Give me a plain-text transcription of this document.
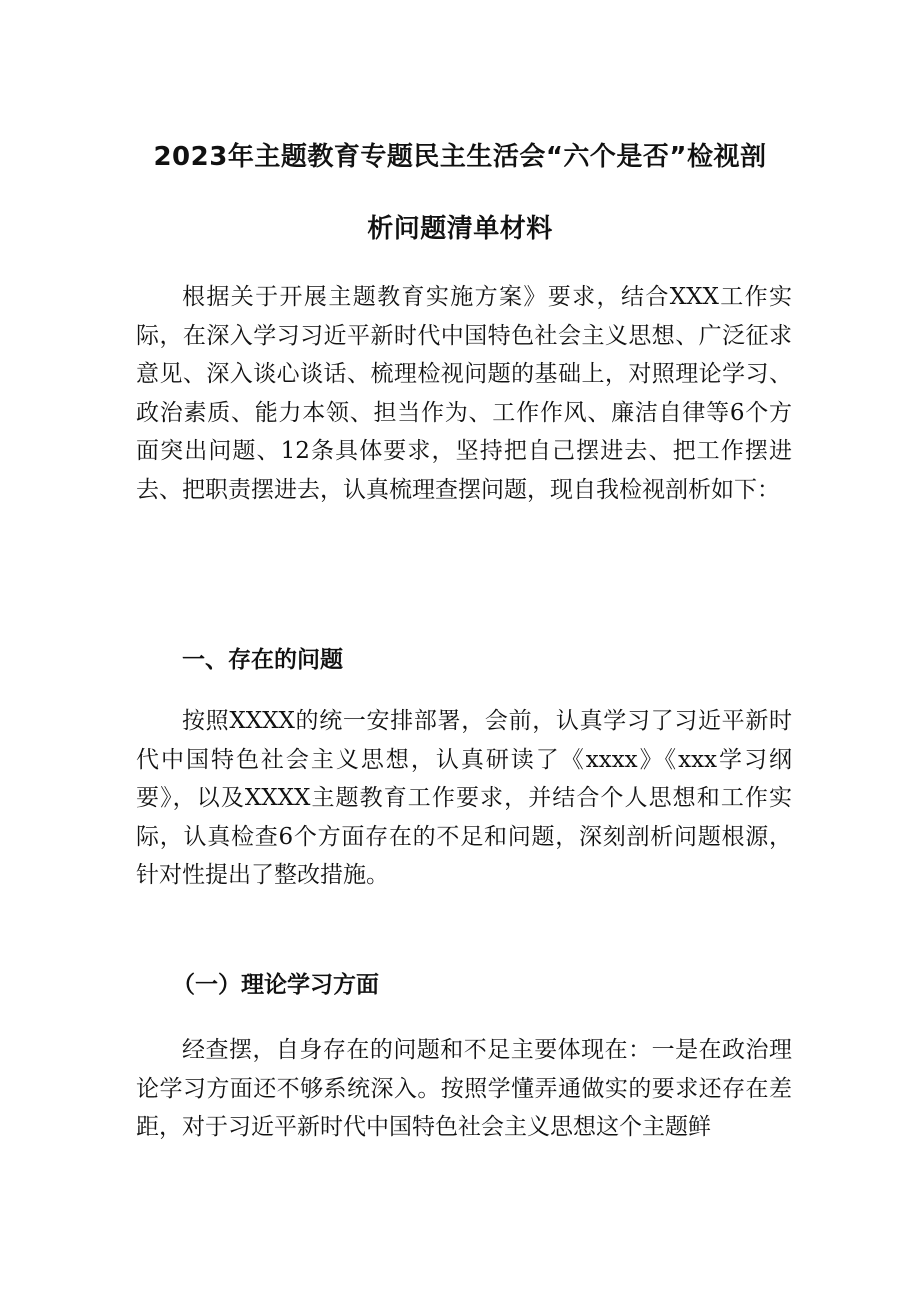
2023年主题教育专题民主生活会“六个是否”检视剖
析问题清单材料

根据关于开展主题教育实施方案》要求，结合XXX工作实际，在深入学习习近平新时代中国特色社会主义思想、广泛征求意见、深入谈心谈话、梳理检视问题的基础上，对照理论学习、政治素质、能力本领、担当作为、工作作风、廉洁自律等6个方面突出问题、12条具体要求，坚持把自己摆进去、把工作摆进去、把职责摆进去，认真梳理查摆问题，现自我检视剖析如下：

一、存在的问题

按照XXXX的统一安排部署，会前，认真学习了习近平新时代中国特色社会主义思想，认真研读了《xxxx》《xxx学习纲要》，以及XXXX主题教育工作要求，并结合个人思想和工作实际，认真检查6个方面存在的不足和问题，深刻剖析问题根源，针对性提出了整改措施。

（一）理论学习方面

经查摆，自身存在的问题和不足主要体现在：一是在政治理论学习方面还不够系统深入。按照学懂弄通做实的要求还存在差距，对于习近平新时代中国特色社会主义思想这个主题鲜
